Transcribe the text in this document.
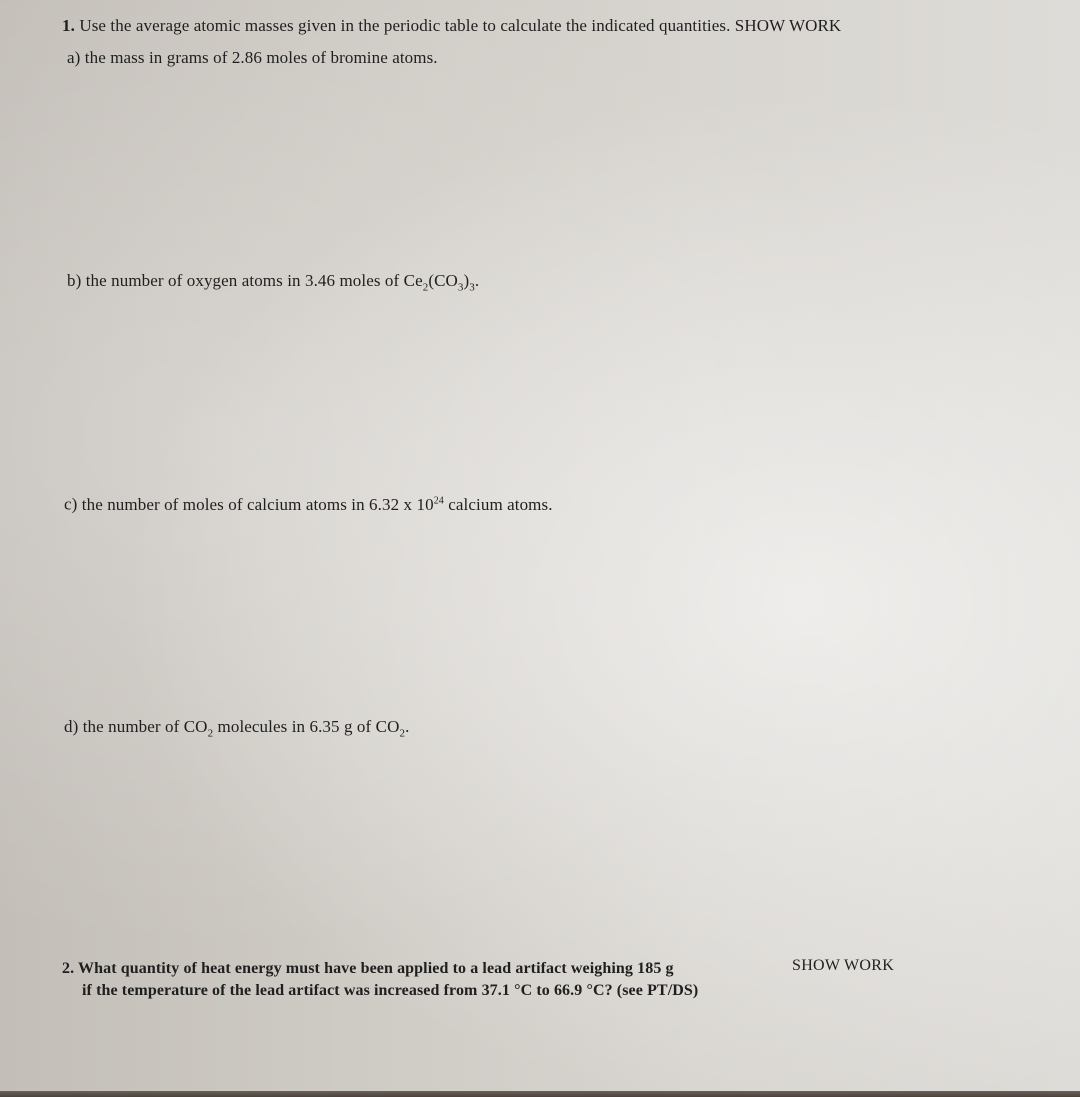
1. Use the average atomic masses given in the periodic table to calculate the indicated quantities. SHOW WORK
a) the mass in grams of 2.86 moles of bromine atoms.
b) the number of oxygen atoms in 3.46 moles of $Ce_2(CO_3)_3$.
c) the number of moles of calcium atoms in 6.32 x $10^{24}$ calcium atoms.
d) the number of $CO_2$ molecules in 6.35 g of $CO_2$.
2. What quantity of heat energy must have been applied to a lead artifact weighing 185 g
if the temperature of the lead artifact was increased from 37.1 °C to 66.9 °C? (see PT/DS)
SHOW WORK
